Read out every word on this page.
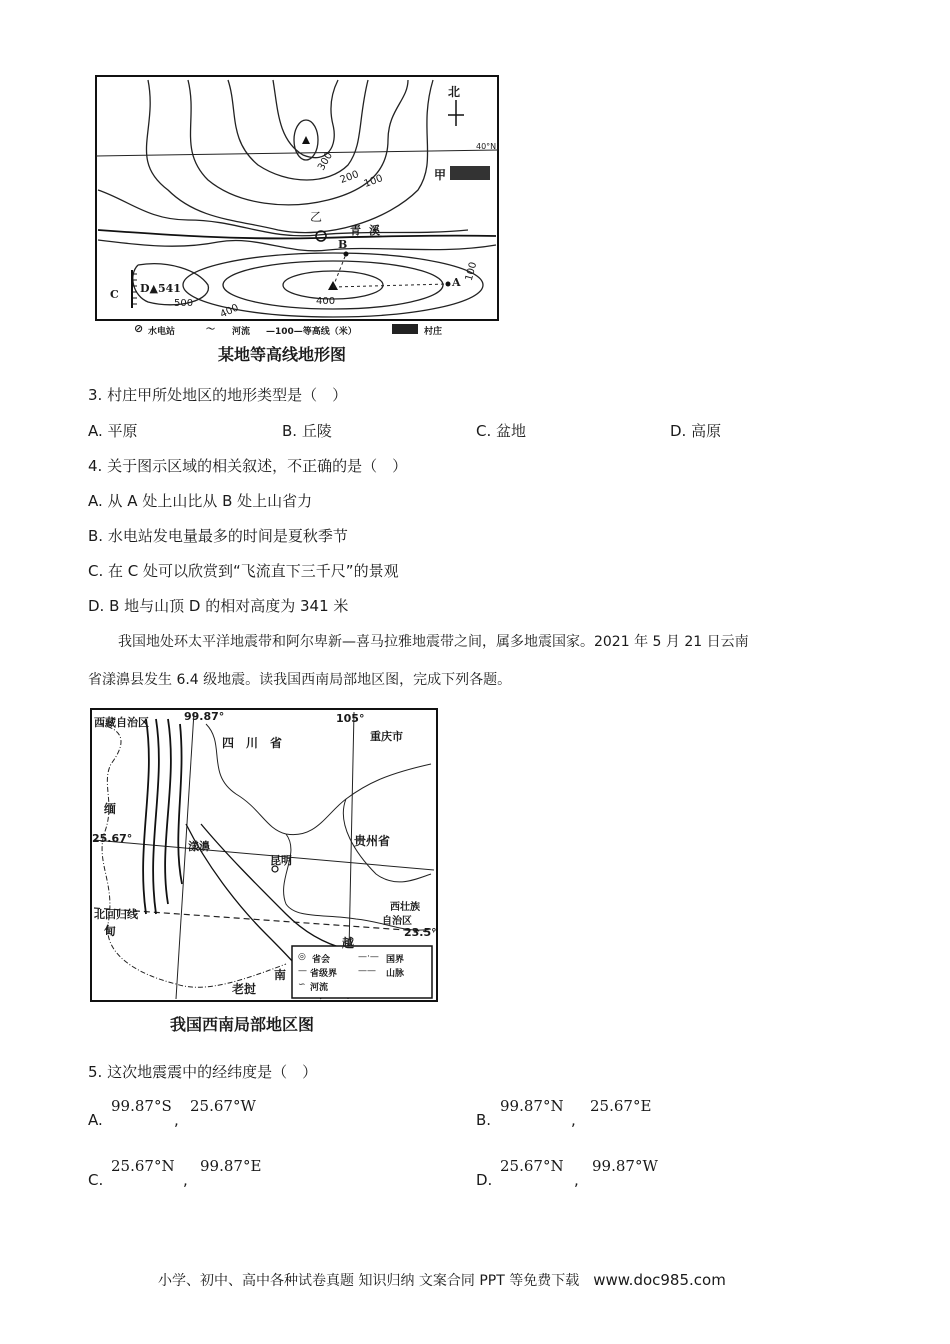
北
40°N
甲
乙
青溪
B
A
C D▲541
300
200 100
400
500	400
100
⊘ 水电站	〜 河流 —100—等高线（米）	村庄
某地等高线地形图
3. 村庄甲所处地区的地形类型是（　）
A. 平原	B. 丘陵	C. 盆地	D. 高原
4. 关于图示区域的相关叙述，不正确的是（　）
A. 从 A 处上山比从 B 处上山省力
B. 水电站发电量最多的时间是夏秋季节
C. 在 C 处可以欣赏到“飞流直下三千尺”的景观
D. B 地与山顶 D 的相对高度为 341 米
我国地处环太平洋地震带和阿尔卑新—喜马拉雅地震带之间，属多地震国家。2021 年 5 月 21 日云南
省漾濞县发生 6.4 级地震。读我国西南局部地区图，完成下列各题。
99.87°	105°
25.67°
23.5°
西藏自治区
四　川　省	重庆市
贵州省
西壮族
自治区
缅
北回归线
甸
漾濞
昆明
越
南
老挝
◎ 省会	—·— 国界
— 省级界 —— 山脉
∽ 河流
我国西南局部地区图
5. 这次地震震中的经纬度是（　）
A.
99.87°S
,
25.67°W
B.
99.87°N
,
25.67°E
C.
25.67°N
,
99.87°E
D.
25.67°N
,
99.87°W
小学、初中、高中各种试卷真题 知识归纳 文案合同 PPT 等免费下载 www.doc985.com
